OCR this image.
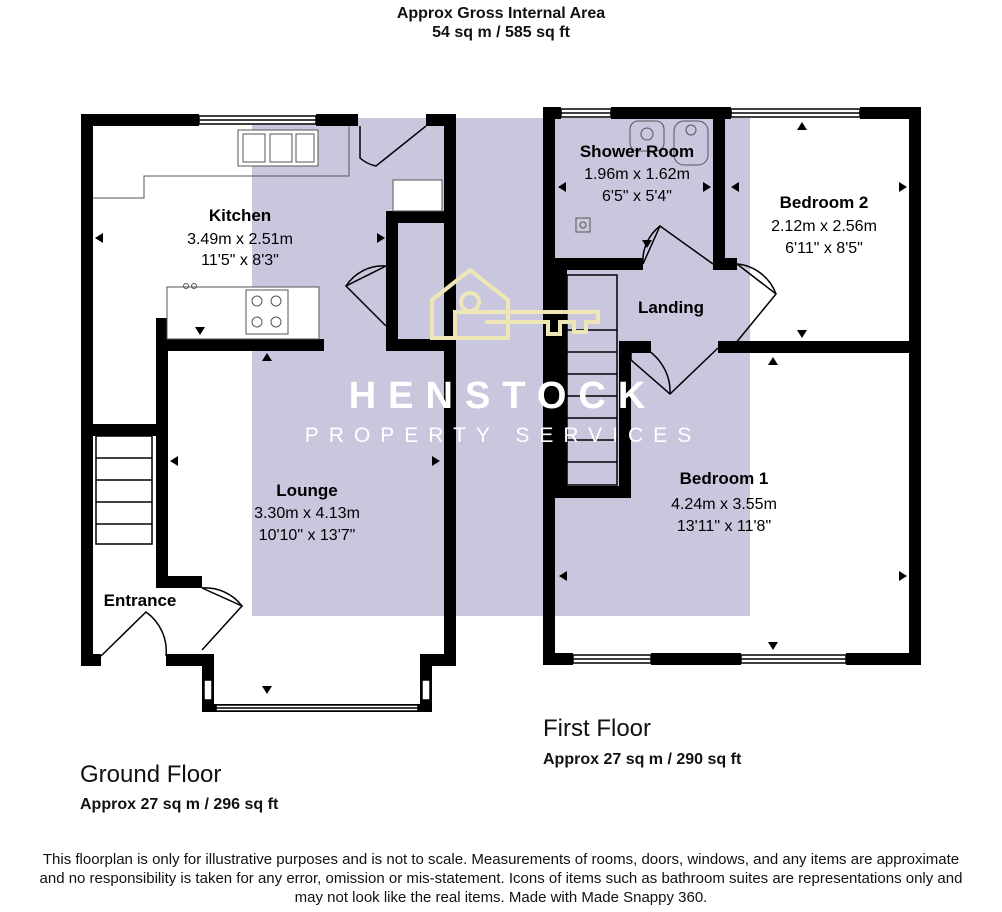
Approx Gross Internal Area
54 sq m / 585 sq ft
HENSTOCK
PROPERTY SERVICES
Kitchen
3.49m x 2.51m
11'5" x 8'3"
Lounge
3.30m x 4.13m
10'10" x 13'7"
Entrance
Shower Room
1.96m x 1.62m
6'5" x 5'4"	Bedroom 2
2.12m x 2.56m
6'11" x 8'5"
Landing
Bedroom 1
4.24m x 3.55m
13'11" x 11'8"
First Floor
Approx 27 sq m / 290 sq ft
Ground Floor
Approx 27 sq m / 296 sq ft
This floorplan is only for illustrative purposes and is not to scale. Measurements of rooms, doors, windows, and any items are approximate
and no responsibility is taken for any error, omission or mis-statement. Icons of items such as bathroom suites are representations only and
may not look like the real items. Made with Made Snappy 360.
